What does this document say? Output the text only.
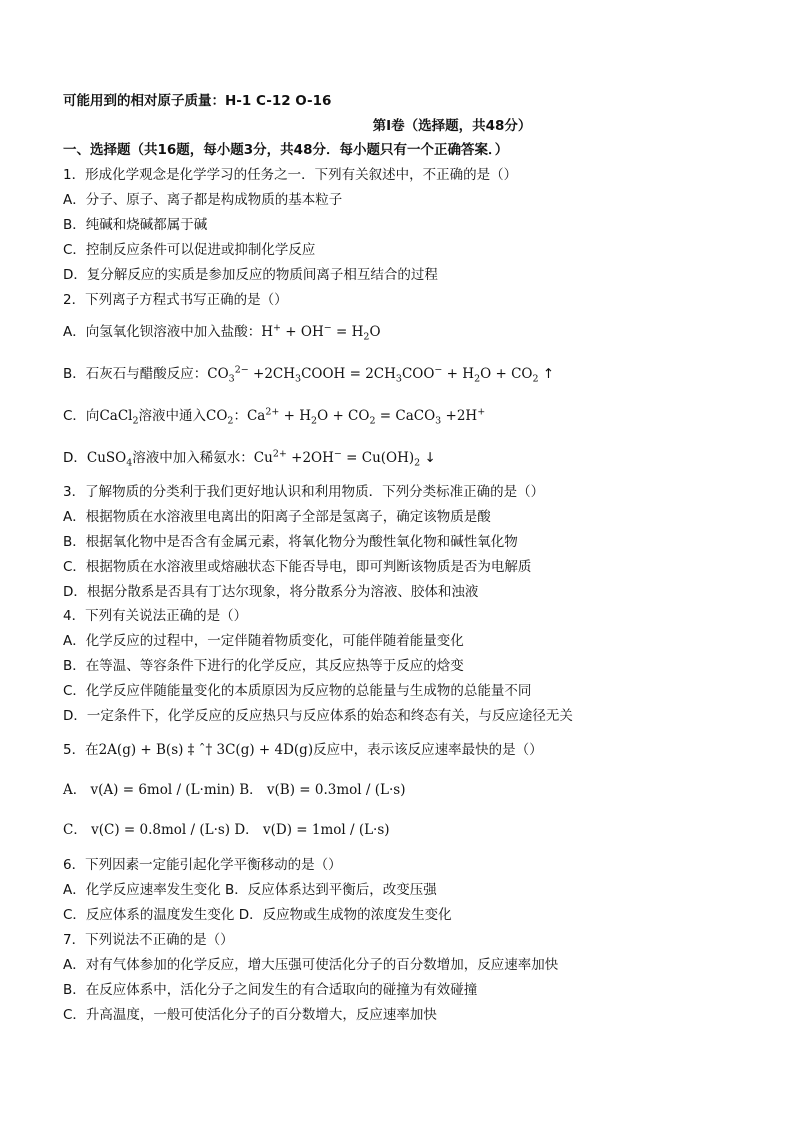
可能用到的相对原子质量：H-1 C-12 O-16
第Ⅰ卷（选择题，共48分）
一、选择题（共16题，每小题3分，共48分．每小题只有一个正确答案．）
1．形成化学观念是化学学习的任务之一．下列有关叙述中，不正确的是（）
A．分子、原子、离子都是构成物质的基本粒子
B．纯碱和烧碱都属于碱
C．控制反应条件可以促进或抑制化学反应
D．复分解反应的实质是参加反应的物质间离子相互结合的过程
2．下列离子方程式书写正确的是（）
A．向氢氧化钡溶液中加入盐酸：$H^+ + OH^- = H_2O$
B．石灰石与醋酸反应：$CO_3^{2-}$ $+2CH_3COOH = 2CH_3COO^- + H_2O + CO_2$ ↑
C．向CaCl$_2$溶液中通入$CO_2$：$Ca^{2+} + H_2O + CO_2$ = CaCO$_3$ +2H+
D．CuSO$_4$溶液中加入稀氨水：$Cu^{2+} +2OH^- = Cu(OH)_2$ ↓
3．了解物质的分类利于我们更好地认识和利用物质．下列分类标准正确的是（）
A．根据物质在水溶液里电离出的阳离子全部是氢离子，确定该物质是酸
B．根据氧化物中是否含有金属元素，将氧化物分为酸性氧化物和碱性氧化物
C．根据物质在水溶液里或熔融状态下能否导电，即可判断该物质是否为电解质
D．根据分散系是否具有丁达尔现象，将分散系分为溶液、胶体和浊液
4．下列有关说法正确的是（）
A．化学反应的过程中，一定伴随着物质变化，可能伴随着能量变化
B．在等温、等容条件下进行的化学反应，其反应热等于反应的焓变
C．化学反应伴随能量变化的本质原因为反应物的总能量与生成物的总能量不同
D．一定条件下，化学反应的反应热只与反应体系的始态和终态有关，与反应途径无关
5．在2A(g) + B(s) ‡ ˆ† 3C(g) + 4D(g)反应中，表示该反应速率最快的是（）
A． v(A) = 6mol / (L·min) B． v(B) = 0.3mol / (L·s)
C． v(C) = 0.8mol / (L·s) D． v(D) = 1mol / (L·s)
6．下列因素一定能引起化学平衡移动的是（）
A．化学反应速率发生变化 B．反应体系达到平衡后，改变压强
C．反应体系的温度发生变化 D．反应物或生成物的浓度发生变化
7．下列说法不正确的是（）
A．对有气体参加的化学反应，增大压强可使活化分子的百分数增加，反应速率加快
B．在反应体系中，活化分子之间发生的有合适取向的碰撞为有效碰撞
C．升高温度，一般可使活化分子的百分数增大，反应速率加快
